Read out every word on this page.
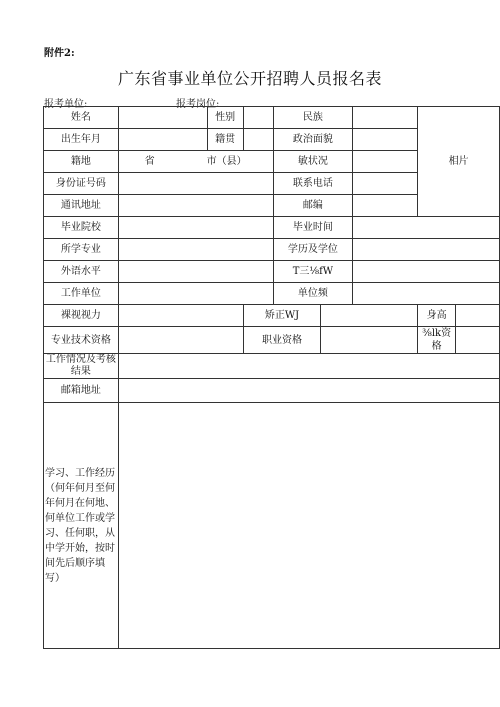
附件2:
广东省事业单位公开招聘人员报名表
报考单位:	报考岗位:
姓名		性别		民族			相片	
出生年月		籍贯		政治面貌				
籍地	省 市（县）			敏状况				
身份证号码				联系电话				
通讯地址				邮编				
毕业院校				毕业时间				
所学专业				学历及学位				
外语水平				T三⅛fW				
工作单位				单位频				
裸视视力			矫正WJ				身高	
专业技术资格			职业资格				⅜lk资格	
工作情况及考核结果								
邮箱地址								
学习、工作经历（何年何月至何年何月在何地、何单位工作或学习、任何职，从中学开始，按时间先后顺序填写）								
